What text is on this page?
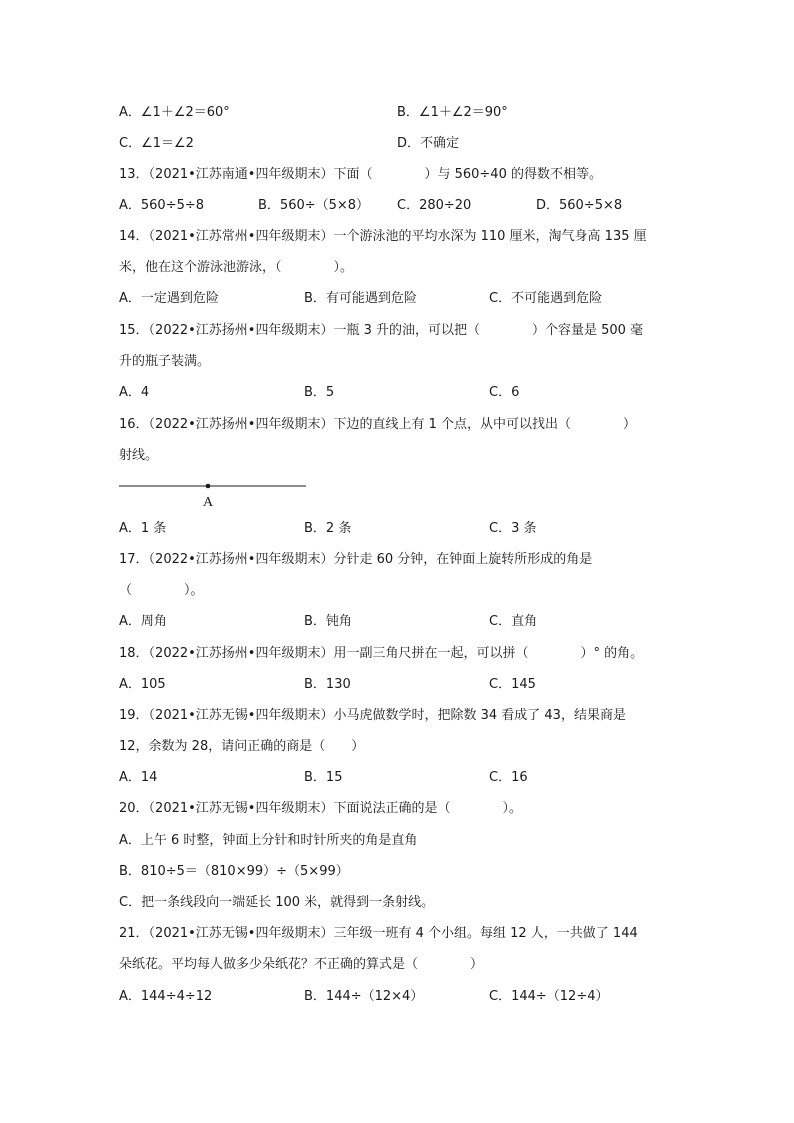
A．∠1＋∠2＝60°	B．∠1＋∠2＝90°
C．∠1＝∠2	D．不确定
13．（2021•江苏南通•四年级期末）下面（　　　　）与 560÷40 的得数不相等。
A．560÷5÷8	B．560÷（5×8） C．280÷20	D．560÷5×8
14．（2021•江苏常州•四年级期末）一个游泳池的平均水深为 110 厘米，淘气身高 135 厘
米，他在这个游泳池游泳，（　　　　）。
A．一定遇到危险	B．有可能遇到危险	C．不可能遇到危险
15．（2022•江苏扬州•四年级期末）一瓶 3 升的油，可以把（　　　　）个容量是 500 毫
升的瓶子装满。
A．4	B．5	C．6
16．（2022•江苏扬州•四年级期末）下边的直线上有 1 个点，从中可以找出（　　　　）
射线。
A
A．1 条	B．2 条	C．3 条
17．（2022•江苏扬州•四年级期末）分针走 60 分钟，在钟面上旋转所形成的角是
（　　　　）。
A．周角	B．钝角	C．直角
18．（2022•江苏扬州•四年级期末）用一副三角尺拼在一起，可以拼（　　　　）° 的角。
A．105	B．130	C．145
19．（2021•江苏无锡•四年级期末）小马虎做数学时，把除数 34 看成了 43，结果商是
12，余数为 28，请问正确的商是（　　）
A．14	B．15	C．16
20．（2021•江苏无锡•四年级期末）下面说法正确的是（　　　　）。
A．上午 6 时整，钟面上分针和时针所夹的角是直角
B．810÷5＝（810×99）÷（5×99）
C．把一条线段向一端延长 100 米，就得到一条射线。
21．（2021•江苏无锡•四年级期末）三年级一班有 4 个小组。每组 12 人，一共做了 144
朵纸花。平均每人做多少朵纸花？不正确的算式是（　　　　）
A．144÷4÷12	B．144÷（12×4）	C．144÷（12÷4）
